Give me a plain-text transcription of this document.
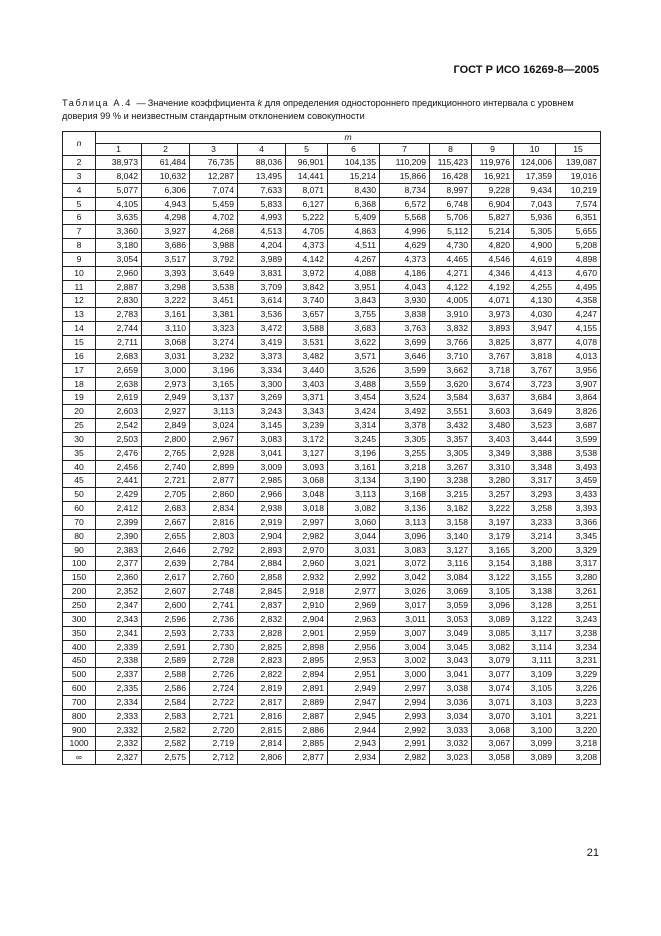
ГОСТ Р ИСО 16269-8—2005
Таблица А.4 — Значение коэффициента k для определения одностороннего предикционного интервала с уровнем доверия 99 % и неизвестным стандартным отклонением совокупности
n	m										
	1	2	3	4	5	6	7	8	9	10	15
2	38,973	61,484	76,735	88,036	96,901	104,135	110,209	115,423	119,976	124,006	139,087
3	8,042	10,632	12,287	13,495	14,441	15,214	15,866	16,428	16,921	17,359	19,016
4	5,077	6,306	7,074	7,633	8,071	8,430	8,734	8,997	9,228	9,434	10,219
5	4,105	4,943	5,459	5,833	6,127	6,368	6,572	6,748	6,904	7,043	7,574
6	3,635	4,298	4,702	4,993	5,222	5,409	5,568	5,706	5,827	5,936	6,351
7	3,360	3,927	4,268	4,513	4,705	4,863	4,996	5,112	5,214	5,305	5,655
8	3,180	3,686	3,988	4,204	4,373	4,511	4,629	4,730	4,820	4,900	5,208
9	3,054	3,517	3,792	3,989	4,142	4,267	4,373	4,465	4,546	4,619	4,898
10	2,960	3,393	3,649	3,831	3,972	4,088	4,186	4,271	4,346	4,413	4,670
11	2,887	3,298	3,538	3,709	3,842	3,951	4,043	4,122	4,192	4,255	4,495
12	2,830	3,222	3,451	3,614	3,740	3,843	3,930	4,005	4,071	4,130	4,358
13	2,783	3,161	3,381	3,536	3,657	3,755	3,838	3,910	3,973	4,030	4,247
14	2,744	3,110	3,323	3,472	3,588	3,683	3,763	3,832	3,893	3,947	4,155
15	2,711	3,068	3,274	3,419	3,531	3,622	3,699	3,766	3,825	3,877	4,078
16	2,683	3,031	3,232	3,373	3,482	3,571	3,646	3,710	3,767	3,818	4,013
17	2,659	3,000	3,196	3,334	3,440	3,526	3,599	3,662	3,718	3,767	3,956
18	2,638	2,973	3,165	3,300	3,403	3,488	3,559	3,620	3,674	3,723	3,907
19	2,619	2,949	3,137	3,269	3,371	3,454	3,524	3,584	3,637	3,684	3,864
20	2,603	2,927	3,113	3,243	3,343	3,424	3,492	3,551	3,603	3,649	3,826
25	2,542	2,849	3,024	3,145	3,239	3,314	3,378	3,432	3,480	3,523	3,687
30	2,503	2,800	2,967	3,083	3,172	3,245	3,305	3,357	3,403	3,444	3,599
35	2,476	2,765	2,928	3,041	3,127	3,196	3,255	3,305	3,349	3,388	3,538
40	2,456	2,740	2,899	3,009	3,093	3,161	3,218	3,267	3,310	3,348	3,493
45	2,441	2,721	2,877	2,985	3,068	3,134	3,190	3,238	3,280	3,317	3,459
50	2,429	2,705	2,860	2,966	3,048	3,113	3,168	3,215	3,257	3,293	3,433
60	2,412	2,683	2,834	2,938	3,018	3,082	3,136	3,182	3,222	3,258	3,393
70	2,399	2,667	2,816	2,919	2,997	3,060	3,113	3,158	3,197	3,233	3,366
80	2,390	2,655	2,803	2,904	2,982	3,044	3,096	3,140	3,179	3,214	3,345
90	2,383	2,646	2,792	2,893	2,970	3,031	3,083	3,127	3,165	3,200	3,329
100	2,377	2,639	2,784	2,884	2,960	3,021	3,072	3,116	3,154	3,188	3,317
150	2,360	2,617	2,760	2,858	2,932	2,992	3,042	3,084	3,122	3,155	3,280
200	2,352	2,607	2,748	2,845	2,918	2,977	3,026	3,069	3,105	3,138	3,261
250	2,347	2,600	2,741	2,837	2,910	2,969	3,017	3,059	3,096	3,128	3,251
300	2,343	2,596	2,736	2,832	2,904	2,963	3,011	3,053	3,089	3,122	3,243
350	2,341	2,593	2,733	2,828	2,901	2,959	3,007	3,049	3,085	3,117	3,238
400	2,339	2,591	2,730	2,825	2,898	2,956	3,004	3,045	3,082	3,114	3,234
450	2,338	2,589	2,728	2,823	2,895	2,953	3,002	3,043	3,079	3,111	3,231
500	2,337	2,588	2,726	2,822	2,894	2,951	3,000	3,041	3,077	3,109	3,229
600	2,335	2,586	2,724	2,819	2,891	2,949	2,997	3,038	3,074	3,105	3,226
700	2,334	2,584	2,722	2,817	2,889	2,947	2,994	3,036	3,071	3,103	3,223
800	2,333	2,583	2,721	2,816	2,887	2,945	2,993	3,034	3,070	3,101	3,221
900	2,332	2,582	2,720	2,815	2,886	2,944	2,992	3,033	3,068	3,100	3,220
1000	2,332	2,582	2,719	2,814	2,885	2,943	2,991	3,032	3,067	3,099	3,218
∞	2,327	2,575	2,712	2,806	2,877	2,934	2,982	3,023	3,058	3,089	3,208
21
